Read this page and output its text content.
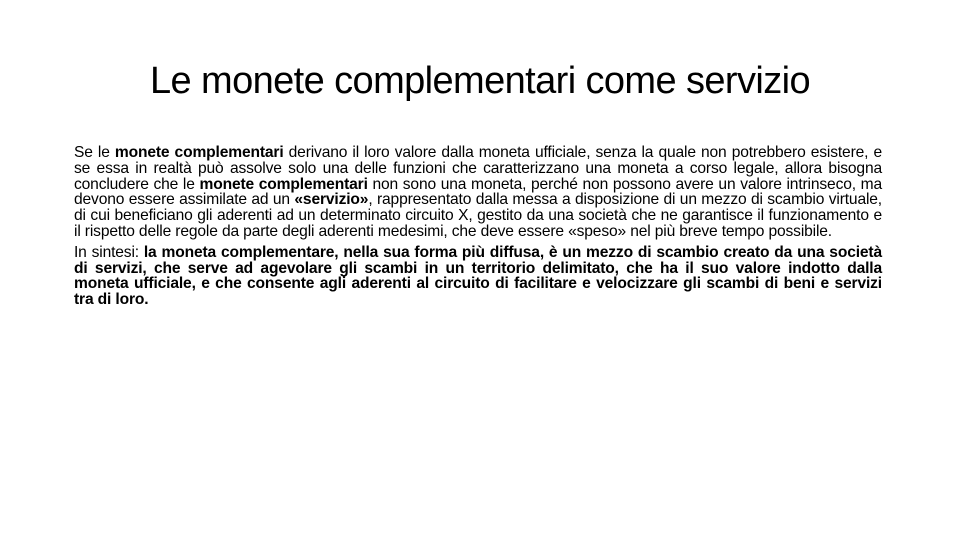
Le monete complementari come servizio

Se le monete complementari derivano il loro valore dalla moneta ufficiale, senza la quale non potrebbero esistere, e se essa in realtà può assolve solo una delle funzioni che caratterizzano una moneta a corso legale, allora bisogna concludere che le monete complementari non sono una moneta, perché non possono avere un valore intrinseco, ma devono essere assimilate ad un «servizio», rappresentato dalla messa a disposizione di un mezzo di scambio virtuale, di cui beneficiano gli aderenti ad un determinato circuito X, gestito da una società che ne garantisce il funzionamento e il rispetto delle regole da parte degli aderenti medesimi, che deve essere «speso» nel più breve tempo possibile.

In sintesi: la moneta complementare, nella sua forma più diffusa, è un mezzo di scambio creato da una società di servizi, che serve ad agevolare gli scambi in un territorio delimitato, che ha il suo valore indotto dalla moneta ufficiale, e che consente agli aderenti al circuito di facilitare e velocizzare gli scambi di beni e servizi tra di loro.
